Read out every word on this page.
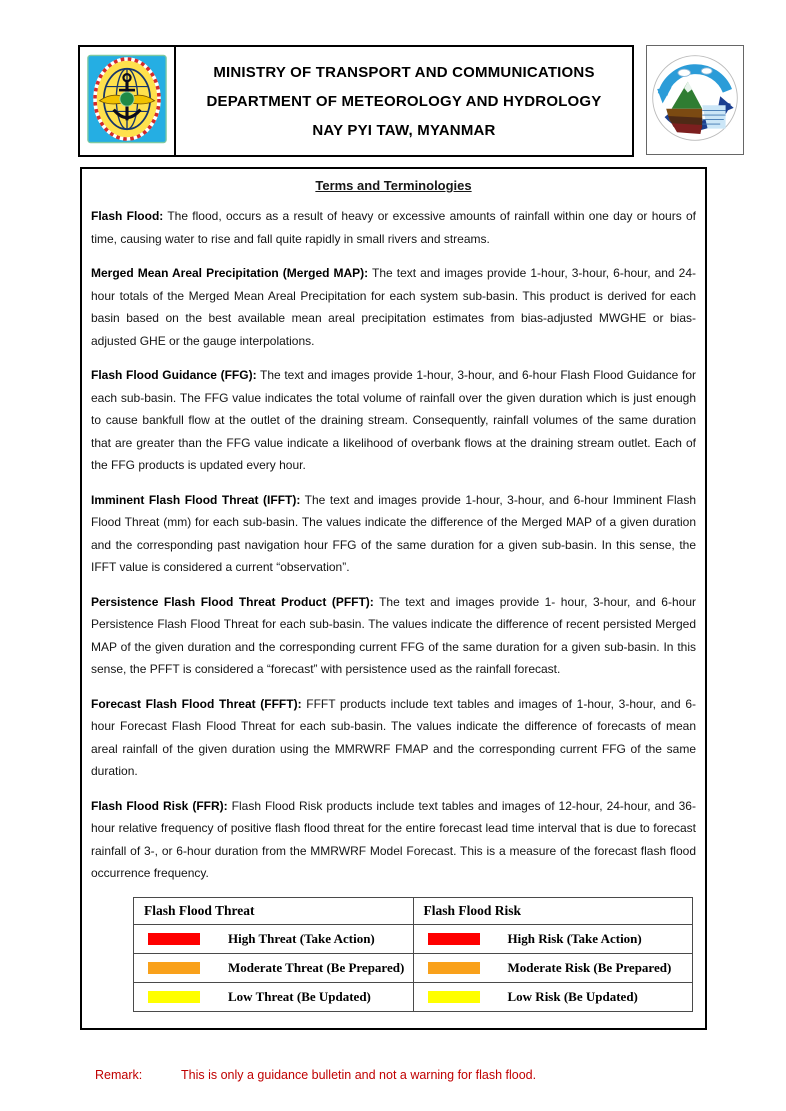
MINISTRY OF TRANSPORT AND COMMUNICATIONS
DEPARTMENT OF METEOROLOGY AND HYDROLOGY
NAY PYI TAW, MYANMAR
Terms and Terminologies

Flash Flood: The flood, occurs as a result of heavy or excessive amounts of rainfall within one day or hours of time, causing water to rise and fall quite rapidly in small rivers and streams.

Merged Mean Areal Precipitation (Merged MAP): The text and images provide 1-hour, 3-hour, 6-hour, and 24-hour totals of the Merged Mean Areal Precipitation for each system sub-basin. This product is derived for each basin based on the best available mean areal precipitation estimates from bias-adjusted MWGHE or bias-adjusted GHE or the gauge interpolations.

Flash Flood Guidance (FFG): The text and images provide 1-hour, 3-hour, and 6-hour Flash Flood Guidance for each sub-basin. The FFG value indicates the total volume of rainfall over the given duration which is just enough to cause bankfull flow at the outlet of the draining stream. Consequently, rainfall volumes of the same duration that are greater than the FFG value indicate a likelihood of overbank flows at the draining stream outlet. Each of the FFG products is updated every hour.

Imminent Flash Flood Threat (IFFT): The text and images provide 1-hour, 3-hour, and 6-hour Imminent Flash Flood Threat (mm) for each sub-basin. The values indicate the difference of the Merged MAP of a given duration and the corresponding past navigation hour FFG of the same duration for a given sub-basin. In this sense, the IFFT value is considered a current “observation”.

Persistence Flash Flood Threat Product (PFFT): The text and images provide 1- hour, 3-hour, and 6-hour Persistence Flash Flood Threat for each sub-basin. The values indicate the difference of recent persisted Merged MAP of the given duration and the corresponding current FFG of the same duration for a given sub-basin. In this sense, the PFFT is considered a “forecast” with persistence used as the rainfall forecast.

Forecast Flash Flood Threat (FFFT): FFFT products include text tables and images of 1-hour, 3-hour, and 6-hour Forecast Flash Flood Threat for each sub-basin. The values indicate the difference of forecasts of mean areal rainfall of the given duration using the MMRWRF FMAP and the corresponding current FFG of the same duration.

Flash Flood Risk (FFR): Flash Flood Risk products include text tables and images of 12-hour, 24-hour, and 36-hour relative frequency of positive flash flood threat for the entire forecast lead time interval that is due to forecast rainfall of 3-, or 6-hour duration from the MMRWRF Model Forecast. This is a measure of the forecast flash flood occurrence frequency.

Flash Flood Threat	Flash Flood Risk

High Threat (Take Action)	High Risk (Take Action)

Moderate Threat (Be Prepared)	Moderate Risk (Be Prepared)

Low Threat (Be Updated)	Low Risk (Be Updated)
Remark:	This is only a guidance bulletin and not a warning for flash flood.
